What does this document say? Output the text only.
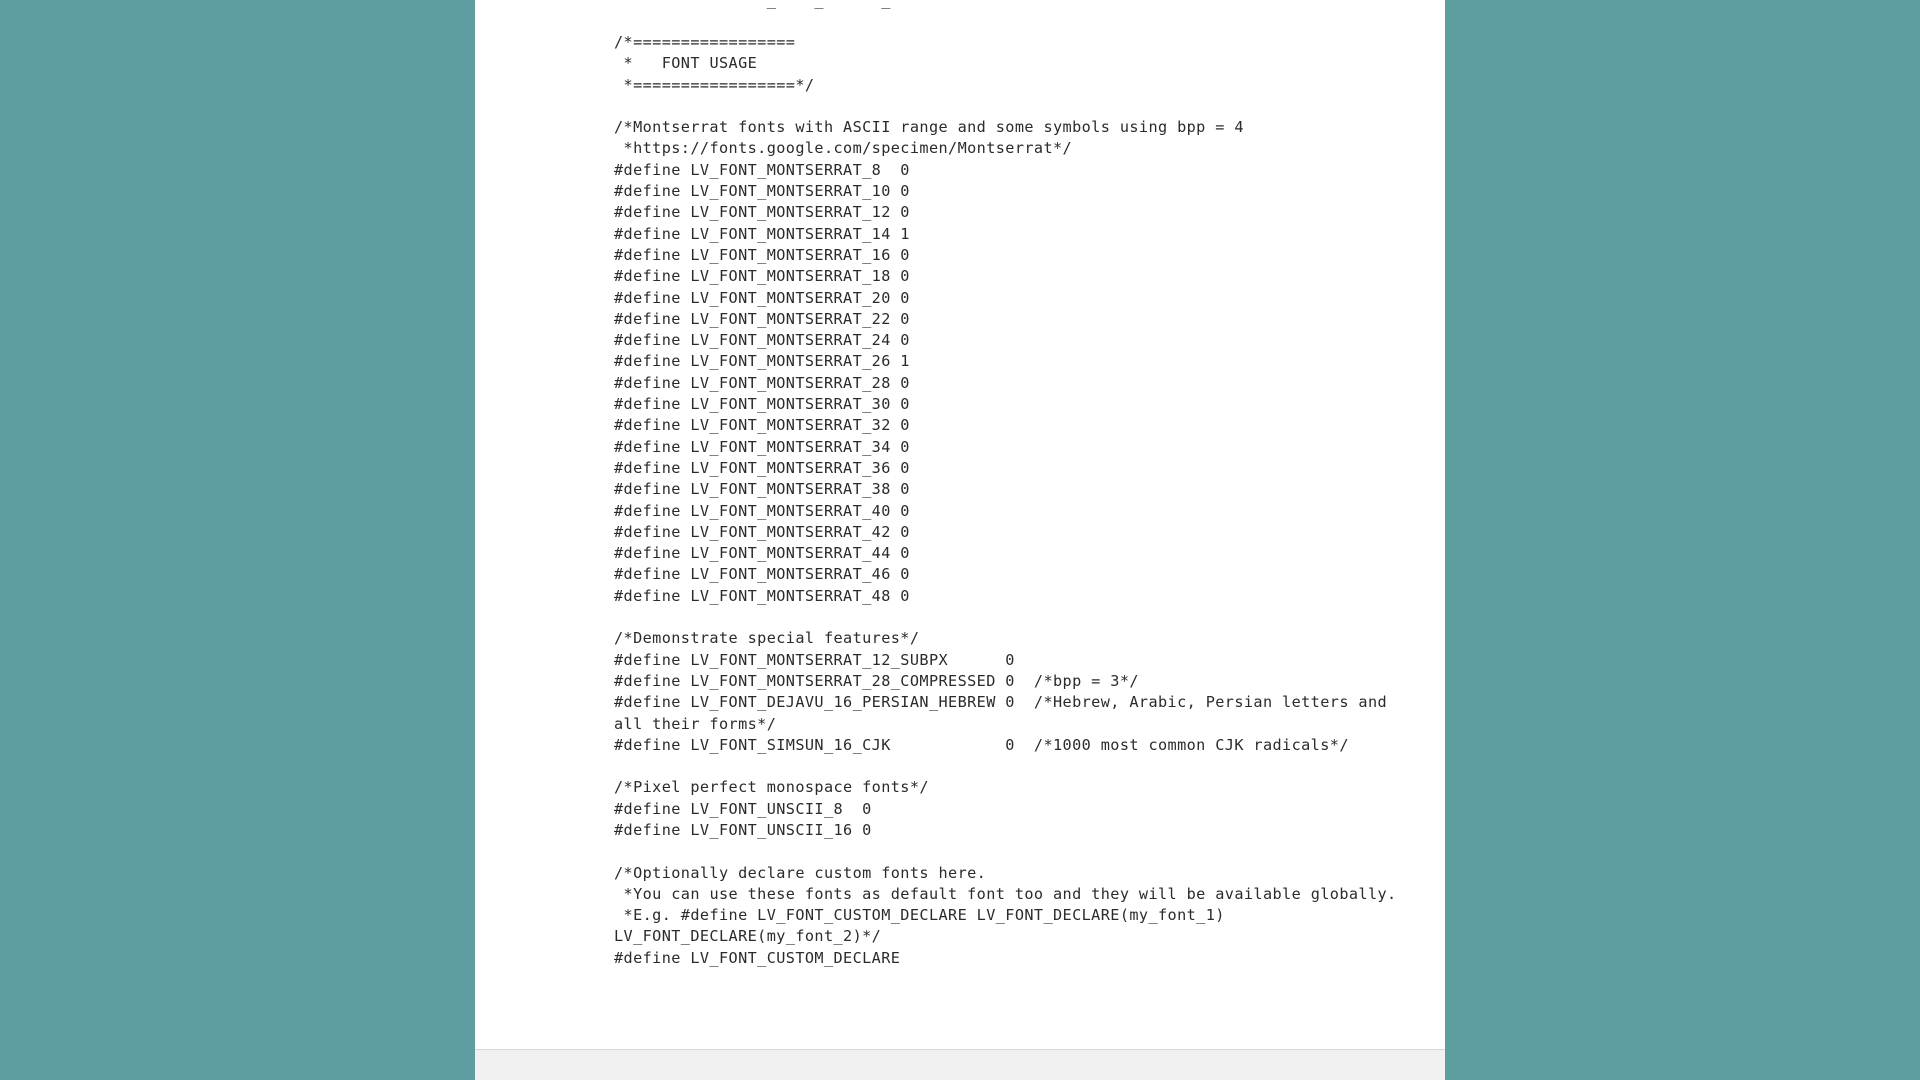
_    _      _
/*=================
*   FONT USAGE
*=================*/
/*Montserrat fonts with ASCII range and some symbols using bpp = 4
*https://fonts.google.com/specimen/Montserrat*/
#define LV_FONT_MONTSERRAT_8  0
#define LV_FONT_MONTSERRAT_10 0
#define LV_FONT_MONTSERRAT_12 0
#define LV_FONT_MONTSERRAT_14 1
#define LV_FONT_MONTSERRAT_16 0
#define LV_FONT_MONTSERRAT_18 0
#define LV_FONT_MONTSERRAT_20 0
#define LV_FONT_MONTSERRAT_22 0
#define LV_FONT_MONTSERRAT_24 0
#define LV_FONT_MONTSERRAT_26 1
#define LV_FONT_MONTSERRAT_28 0
#define LV_FONT_MONTSERRAT_30 0
#define LV_FONT_MONTSERRAT_32 0
#define LV_FONT_MONTSERRAT_34 0
#define LV_FONT_MONTSERRAT_36 0
#define LV_FONT_MONTSERRAT_38 0
#define LV_FONT_MONTSERRAT_40 0
#define LV_FONT_MONTSERRAT_42 0
#define LV_FONT_MONTSERRAT_44 0
#define LV_FONT_MONTSERRAT_46 0
#define LV_FONT_MONTSERRAT_48 0
/*Demonstrate special features*/
#define LV_FONT_MONTSERRAT_12_SUBPX      0
#define LV_FONT_MONTSERRAT_28_COMPRESSED 0  /*bpp = 3*/
#define LV_FONT_DEJAVU_16_PERSIAN_HEBREW 0  /*Hebrew, Arabic, Persian letters and all their forms*/
#define LV_FONT_SIMSUN_16_CJK            0  /*1000 most common CJK radicals*/
/*Pixel perfect monospace fonts*/
#define LV_FONT_UNSCII_8  0
#define LV_FONT_UNSCII_16 0
/*Optionally declare custom fonts here.
*You can use these fonts as default font too and they will be available globally.
*E.g. #define LV_FONT_CUSTOM_DECLARE LV_FONT_DECLARE(my_font_1) LV_FONT_DECLARE(my_font_2)*/
#define LV_FONT_CUSTOM_DECLARE
